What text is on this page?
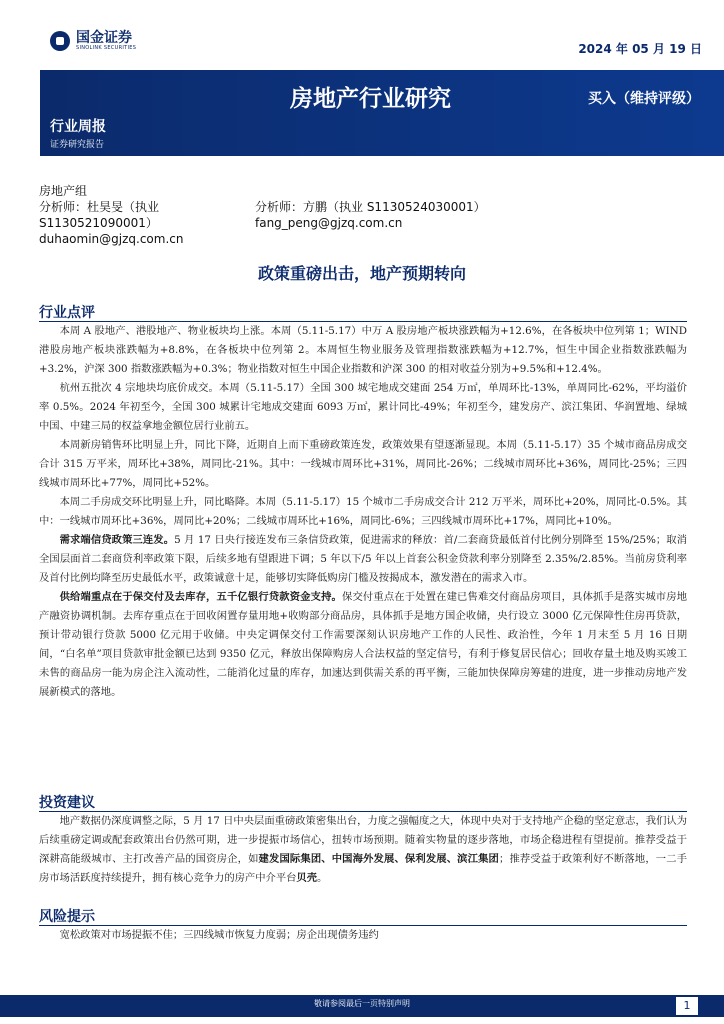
国金证券
SINOLINK SECURITIES	2024 年 05 月 19 日
房地产行业研究	买入（维持评级）
行业周报
证券研究报告
房地产组
分析师：杜昊旻（执业
S1130521090001）
duhaomin@gjzq.com.cn
分析师：方鹏（执业 S1130524030001）
fang_peng@gjzq.com.cn
政策重磅出击，地产预期转向
行业点评

本周 A 股地产、港股地产、物业板块均上涨。本周（5.11-5.17）中万 A 股房地产板块涨跌幅为+12.6%，在各板块中位列第 1；WIND 港股房地产板块涨跌幅为+8.8%，在各板块中位列第 2。本周恒生物业服务及管理指数涨跌幅为+12.7%，恒生中国企业指数涨跌幅为+3.2%，沪深 300 指数涨跌幅为+0.3%；物业指数对恒生中国企业指数和沪深 300 的相对收益分别为+9.5%和+12.4%。

杭州五批次 4 宗地块均底价成交。本周（5.11-5.17）全国 300 城宅地成交建面 254 万㎡，单周环比-13%，单周同比-62%，平均溢价率 0.5%。2024 年初至今，全国 300 城累计宅地成交建面 6093 万㎡，累计同比-49%；年初至今，建发房产、滨江集团、华润置地、绿城中国、中建三局的权益拿地金额位居行业前五。

本周新房销售环比明显上升，同比下降，近期自上而下重磅政策连发，政策效果有望逐渐显现。本周（5.11-5.17）35 个城市商品房成交合计 315 万平米，周环比+38%，周同比-21%。其中：一线城市周环比+31%，周同比-26%；二线城市周环比+36%，周同比-25%；三四线城市周环比+77%，周同比+52%。

本周二手房成交环比明显上升，同比略降。本周（5.11-5.17）15 个城市二手房成交合计 212 万平米，周环比+20%，周同比-0.5%。其中：一线城市周环比+36%，周同比+20%；二线城市周环比+16%，周同比-6%；三四线城市周环比+17%，周同比+10%。

需求端信贷政策三连发。5 月 17 日央行接连发布三条信贷政策，促进需求的释放：首/二套商贷最低首付比例分别降至 15%/25%；取消全国层面首二套商贷利率政策下限，后续多地有望跟进下调；5 年以下/5 年以上首套公积金贷款利率分别降至 2.35%/2.85%。当前房贷利率及首付比例均降至历史最低水平，政策诚意十足，能够切实降低购房门槛及按揭成本，激发潜在的需求入市。

供给端重点在于保交付及去库存，五千亿银行贷款资金支持。保交付重点在于处置在建已售难交付商品房项目，具体抓手是落实城市房地产融资协调机制。去库存重点在于回收闲置存量用地+收购部分商品房，具体抓手是地方国企收储，央行设立 3000 亿元保障性住房再贷款，预计带动银行贷款 5000 亿元用于收储。中央定调保交付工作需要深刻认识房地产工作的人民性、政治性，今年 1 月末至 5 月 16 日期间，“白名单”项目贷款审批金额已达到 9350 亿元，释放出保障购房人合法权益的坚定信号，有利于修复居民信心；回收存量土地及购买竣工未售的商品房一能为房企注入流动性，二能消化过量的库存，加速达到供需关系的再平衡，三能加快保障房筹建的进度，进一步推动房地产发展新模式的落地。

投资建议

地产数据仍深度调整之际，5 月 17 日中央层面重磅政策密集出台，力度之强幅度之大，体现中央对于支持地产企稳的坚定意志，我们认为后续重磅定调或配套政策出台仍然可期，进一步提振市场信心，扭转市场预期。随着实物量的逐步落地，市场企稳进程有望提前。推荐受益于深耕高能级城市、主打改善产品的国资房企，如建发国际集团、中国海外发展、保利发展、滨江集团；推荐受益于政策利好不断落地，一二手房市场活跃度持续提升，拥有核心竞争力的房产中介平台贝壳。

风险提示

宽松政策对市场提振不佳；三四线城市恢复力度弱；房企出现债务违约

敬请参阅最后一页特别声明	1
